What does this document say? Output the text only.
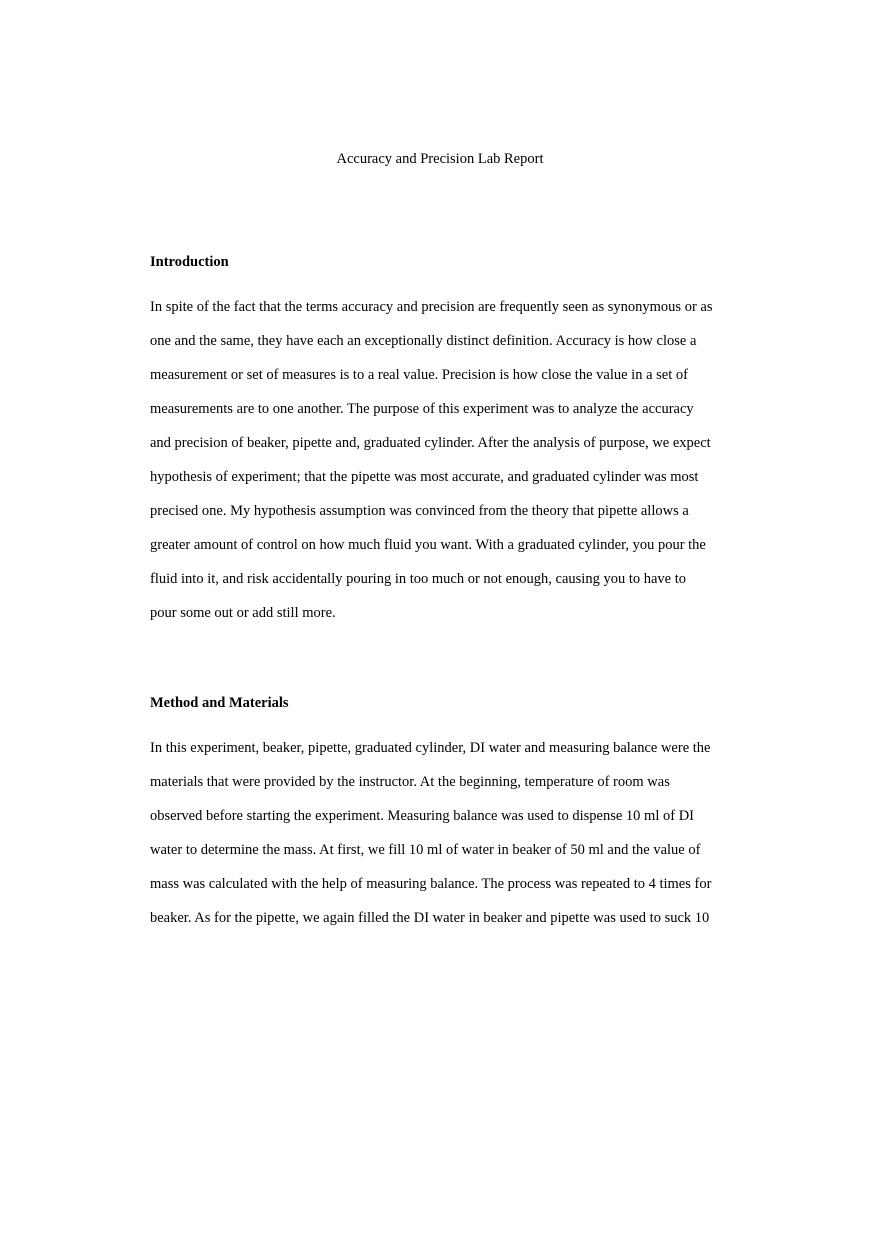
Accuracy and Precision Lab Report
Introduction
In spite of the fact that the terms accuracy and precision are frequently seen as synonymous or as
one and the same, they have each an exceptionally distinct definition. Accuracy is how close a
measurement or set of measures is to a real value. Precision is how close the value in a set of
measurements are to one another. The purpose of this experiment was to analyze the accuracy
and precision of beaker, pipette and, graduated cylinder. After the analysis of purpose, we expect
hypothesis of experiment; that the pipette was most accurate, and graduated cylinder was most
precised one. My hypothesis assumption was convinced from the theory that pipette allows a
greater amount of control on how much fluid you want. With a graduated cylinder, you pour the
fluid into it, and risk accidentally pouring in too much or not enough, causing you to have to
pour some out or add still more.
Method and Materials
In this experiment, beaker, pipette, graduated cylinder, DI water and measuring balance were the
materials that were provided by the instructor. At the beginning, temperature of room was
observed before starting the experiment. Measuring balance was used to dispense 10 ml of DI
water to determine the mass. At first, we fill 10 ml of water in beaker of 50 ml and the value of
mass was calculated with the help of measuring balance. The process was repeated to 4 times for
beaker. As for the pipette, we again filled the DI water in beaker and pipette was used to suck 10
